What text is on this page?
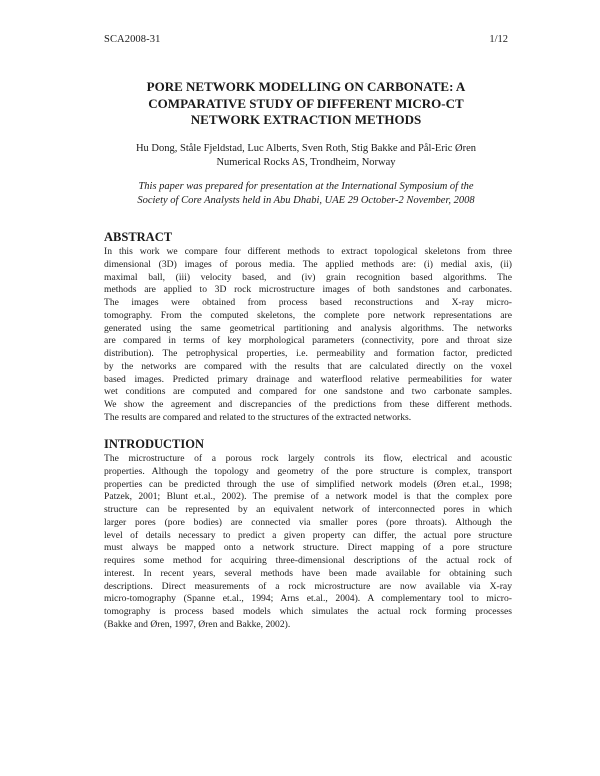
SCA2008-31	1/12
PORE NETWORK MODELLING ON CARBONATE: A
COMPARATIVE STUDY OF DIFFERENT MICRO-CT
NETWORK EXTRACTION METHODS
Hu Dong, Ståle Fjeldstad, Luc Alberts, Sven Roth, Stig Bakke and Pål-Eric Øren
Numerical Rocks AS, Trondheim, Norway
This paper was prepared for presentation at the International Symposium of the
Society of Core Analysts held in Abu Dhabi, UAE 29 October-2 November, 2008
ABSTRACT
In this work we compare four different methods to extract topological skeletons from three
dimensional (3D) images of porous media. The applied methods are: (i) medial axis, (ii)
maximal ball, (iii) velocity based, and (iv) grain recognition based algorithms. The
methods are applied to 3D rock microstructure images of both sandstones and carbonates.
The images were obtained from process based reconstructions and X-ray micro-
tomography. From the computed skeletons, the complete pore network representations are
generated using the same geometrical partitioning and analysis algorithms. The networks
are compared in terms of key morphological parameters (connectivity, pore and throat size
distribution). The petrophysical properties, i.e. permeability and formation factor, predicted
by the networks are compared with the results that are calculated directly on the voxel
based images. Predicted primary drainage and waterflood relative permeabilities for water
wet conditions are computed and compared for one sandstone and two carbonate samples.
We show the agreement and discrepancies of the predictions from these different methods.
The results are compared and related to the structures of the extracted networks.
INTRODUCTION
The microstructure of a porous rock largely controls its flow, electrical and acoustic
properties. Although the topology and geometry of the pore structure is complex, transport
properties can be predicted through the use of simplified network models (Øren et.al., 1998;
Patzek, 2001; Blunt et.al., 2002). The premise of a network model is that the complex pore
structure can be represented by an equivalent network of interconnected pores in which
larger pores (pore bodies) are connected via smaller pores (pore throats). Although the
level of details necessary to predict a given property can differ, the actual pore structure
must always be mapped onto a network structure. Direct mapping of a pore structure
requires some method for acquiring three-dimensional descriptions of the actual rock of
interest. In recent years, several methods have been made available for obtaining such
descriptions. Direct measurements of a rock microstructure are now available via X-ray
micro-tomography (Spanne et.al., 1994; Arns et.al., 2004). A complementary tool to micro-
tomography is process based models which simulates the actual rock forming processes
(Bakke and Øren, 1997, Øren and Bakke, 2002).
